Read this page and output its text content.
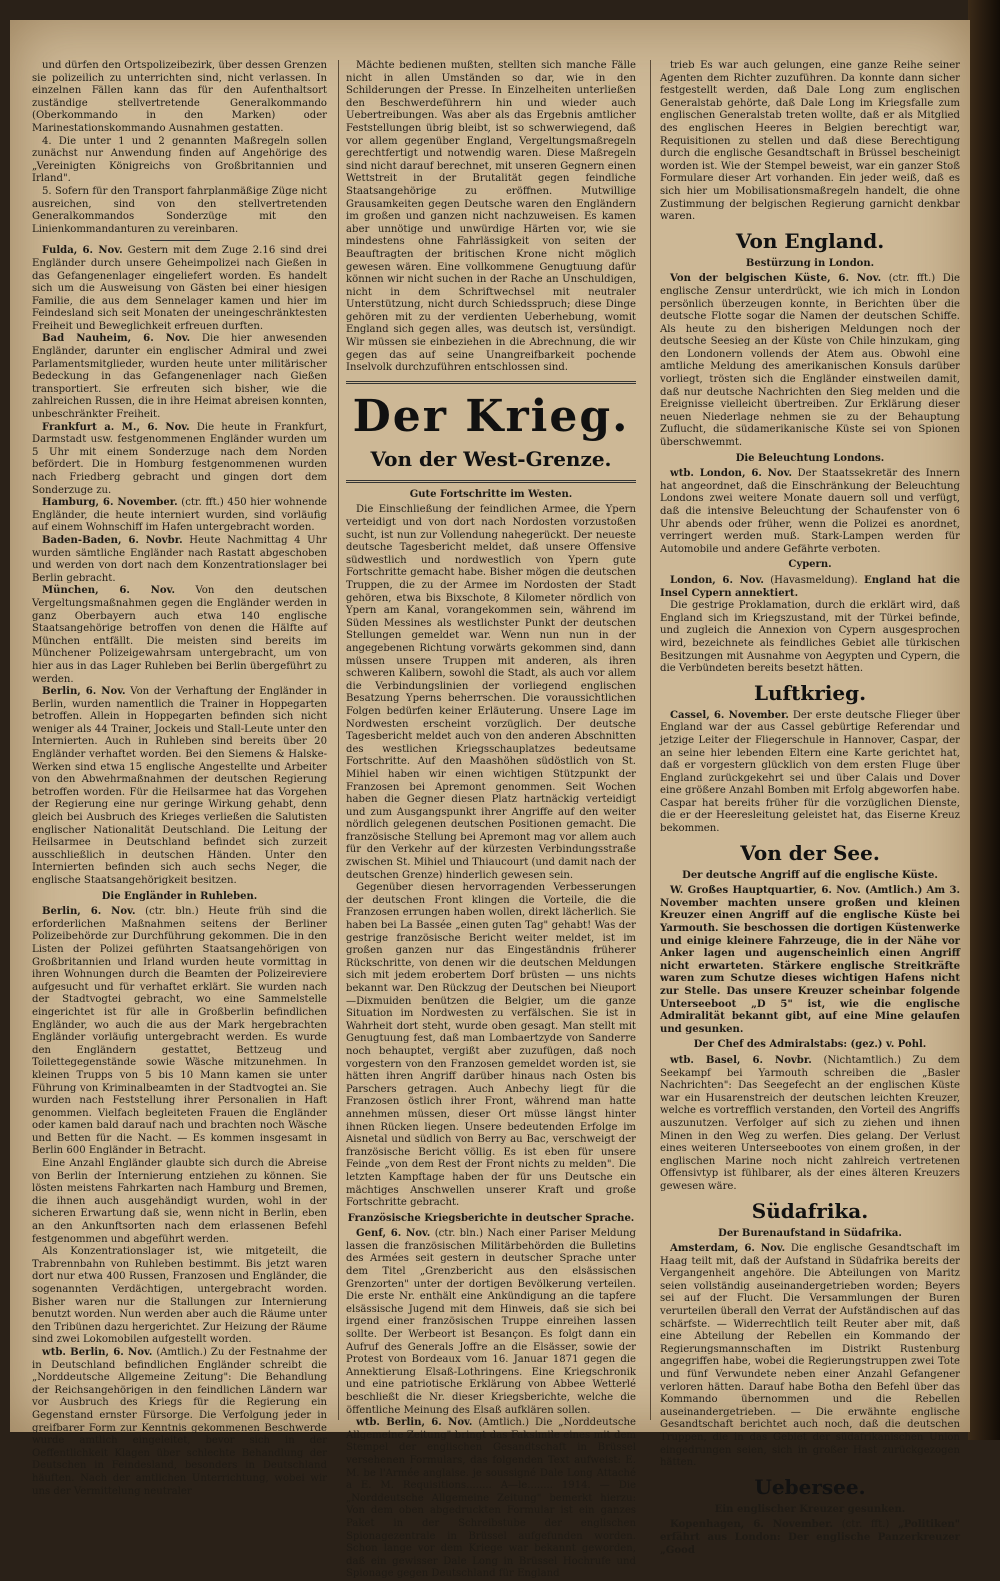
und dürfen den Ortspolizeibezirk, über dessen Grenzen sie polizeilich zu unterrichten sind, nicht verlassen. In einzelnen Fällen kann das für den Aufenthaltsort zuständige stellvertretende Generalkommando (Oberkommando in den Marken) oder Marinestationskommando Ausnahmen gestatten.

4. Die unter 1 und 2 genannten Maßregeln sollen zunächst nur Anwendung finden auf Angehörige des „Vereinigten Königreichs von Großbritannien und Irland".

5. Sofern für den Transport fahrplanmäßige Züge nicht ausreichen, sind von den stellvertretenden Generalkommandos Sonderzüge mit den Linienkommandanturen zu vereinbaren.

Fulda, 6. Nov. Gestern mit dem Zuge 2.16 sind drei Engländer durch unsere Geheimpolizei nach Gießen in das Gefangenenlager eingeliefert worden. Es handelt sich um die Ausweisung von Gästen bei einer hiesigen Familie, die aus dem Sennelager kamen und hier im Feindesland sich seit Monaten der uneingeschränktesten Freiheit und Beweglichkeit erfreuen durften.

Bad Nauheim, 6. Nov. Die hier anwesenden Engländer, darunter ein englischer Admiral und zwei Parlamentsmitglieder, wurden heute unter militärischer Bedeckung in das Gefangenenlager nach Gießen transportiert. Sie erfreuten sich bisher, wie die zahlreichen Russen, die in ihre Heimat abreisen konnten, unbeschränkter Freiheit.

Frankfurt a. M., 6. Nov. Die heute in Frankfurt, Darmstadt usw. festgenommenen Engländer wurden um 5 Uhr mit einem Sonderzuge nach dem Norden befördert. Die in Homburg festgenommenen wurden nach Friedberg gebracht und gingen dort dem Sonderzuge zu.

Hamburg, 6. November. (ctr. fft.) 450 hier wohnende Engländer, die heute interniert wurden, sind vorläufig auf einem Wohnschiff im Hafen untergebracht worden.

Baden-Baden, 6. Novbr. Heute Nachmittag 4 Uhr wurden sämtliche Engländer nach Rastatt abgeschoben und werden von dort nach dem Konzentrationslager bei Berlin gebracht.

München, 6. Nov. Von den deutschen Vergeltungsmaßnahmen gegen die Engländer werden in ganz Oberbayern auch etwa 140 englische Staatsangehörige betroffen von denen die Hälfte auf München entfällt. Die meisten sind bereits im Münchener Polizeigewahrsam untergebracht, um von hier aus in das Lager Ruhleben bei Berlin übergeführt zu werden.

Berlin, 6. Nov. Von der Verhaftung der Engländer in Berlin, wurden namentlich die Trainer in Hoppegarten betroffen. Allein in Hoppegarten befinden sich nicht weniger als 44 Trainer, Jockeis und Stall-Leute unter den Internierten. Auch in Ruhleben sind bereits über 20 Engländer verhaftet worden. Bei den Siemens & Halske-Werken sind etwa 15 englische Angestellte und Arbeiter von den Abwehrmaßnahmen der deutschen Regierung betroffen worden. Für die Heilsarmee hat das Vorgehen der Regierung eine nur geringe Wirkung gehabt, denn gleich bei Ausbruch des Krieges verließen die Salutisten englischer Nationalität Deutschland. Die Leitung der Heilsarmee in Deutschland befindet sich zurzeit ausschließlich in deutschen Händen. Unter den Internierten befinden sich auch sechs Neger, die englische Staatsangehörigkeit besitzen.

Die Engländer in Ruhleben.

Berlin, 6. Nov. (ctr. bln.) Heute früh sind die erforderlichen Maßnahmen seitens der Berliner Polizeibehörde zur Durchführung gekommen. Die in den Listen der Polizei geführten Staatsangehörigen von Großbritannien und Irland wurden heute vormittag in ihren Wohnungen durch die Beamten der Polizeireviere aufgesucht und für verhaftet erklärt. Sie wurden nach der Stadtvogtei gebracht, wo eine Sammelstelle eingerichtet ist für alle in Großberlin befindlichen Engländer, wo auch die aus der Mark hergebrachten Engländer vorläufig untergebracht werden. Es wurde den Engländern gestattet, Bettzeug und Toilettegegenstände sowie Wäsche mitzunehmen. In kleinen Trupps von 5 bis 10 Mann kamen sie unter Führung von Kriminalbeamten in der Stadtvogtei an. Sie wurden nach Feststellung ihrer Personalien in Haft genommen. Vielfach begleiteten Frauen die Engländer oder kamen bald darauf nach und brachten noch Wäsche und Betten für die Nacht. — Es kommen insgesamt in Berlin 600 Engländer in Betracht.

Eine Anzahl Engländer glaubte sich durch die Abreise von Berlin der Internierung entziehen zu können. Sie lösten meistens Fahrkarten nach Hamburg und Bremen, die ihnen auch ausgehändigt wurden, wohl in der sicheren Erwartung daß sie, wenn nicht in Berlin, eben an den Ankunftsorten nach dem erlassenen Befehl festgenommen und abgeführt werden.

Als Konzentrationslager ist, wie mitgeteilt, die Trabrennbahn von Ruhleben bestimmt. Bis jetzt waren dort nur etwa 400 Russen, Franzosen und Engländer, die sogenannten Verdächtigen, untergebracht worden. Bisher waren nur die Stallungen zur Internierung benutzt worden. Nun werden aber auch die Räume unter den Tribünen dazu hergerichtet. Zur Heizung der Räume sind zwei Lokomobilen aufgestellt worden.

wtb. Berlin, 6. Nov. (Amtlich.) Zu der Festnahme der in Deutschland befindlichen Engländer schreibt die „Norddeutsche Allgemeine Zeitung": Die Behandlung der Reichsangehörigen in den feindlichen Ländern war vor Ausbruch des Kriegs für die Regierung ein Gegenstand ernster Fürsorge. Die Verfolgung jeder in greifbarer Form zur Kenntnis gekommenen Beschwerde wurde amtlich eingeleitet, bevor sich in der Oeffentlichkeit Klagen über schlechte Behandlung der Deutschen in Feindesland, besonders in Deutschland häuften. Nach der amtlichen Unterrichtung, wobei wir uns der Vermittelung neutraler

Mächte bedienen mußten, stellten sich manche Fälle nicht in allen Umständen so dar, wie in den Schilderungen der Presse. In Einzelheiten unterließen den Beschwerdeführern hin und wieder auch Uebertreibungen. Was aber als das Ergebnis amtlicher Feststellungen übrig bleibt, ist so schwerwiegend, daß vor allem gegenüber England, Vergeltungsmaßregeln gerechtfertigt und notwendig waren. Diese Maßregeln sind nicht darauf berechnet, mit unseren Gegnern einen Wettstreit in der Brutalität gegen feindliche Staatsangehörige zu eröffnen. Mutwillige Grausamkeiten gegen Deutsche waren den Engländern im großen und ganzen nicht nachzuweisen. Es kamen aber unnötige und unwürdige Härten vor, wie sie mindestens ohne Fahrlässigkeit von seiten der Beauftragten der britischen Krone nicht möglich gewesen wären. Eine vollkommene Genugtuung dafür können wir nicht suchen in der Rache an Unschuldigen, nicht in dem Schriftwechsel mit neutraler Unterstützung, nicht durch Schiedsspruch; diese Dinge gehören mit zu der verdienten Ueberhebung, womit England sich gegen alles, was deutsch ist, versündigt. Wir müssen sie einbeziehen in die Abrechnung, die wir gegen das auf seine Unangreifbarkeit pochende Inselvolk durchzuführen entschlossen sind.

Der Krieg.
Von der West-Grenze.
Gute Fortschritte im Westen.

Die Einschließung der feindlichen Armee, die Ypern verteidigt und von dort nach Nordosten vorzustoßen sucht, ist nun zur Vollendung nahegerückt. Der neueste deutsche Tagesbericht meldet, daß unsere Offensive südwestlich und nordwestlich von Ypern gute Fortschritte gemacht habe. Bisher mögen die deutschen Truppen, die zu der Armee im Nordosten der Stadt gehören, etwa bis Bixschote, 8 Kilometer nördlich von Ypern am Kanal, vorangekommen sein, während im Süden Messines als westlichster Punkt der deutschen Stellungen gemeldet war. Wenn nun nun in der angegebenen Richtung vorwärts gekommen sind, dann müssen unsere Truppen mit anderen, als ihren schweren Kalibern, sowohl die Stadt, als auch vor allem die Verbindungslinien der vorliegend englischen Besatzung Yperns beherrschen. Die voraussichtlichen Folgen bedürfen keiner Erläuterung. Unsere Lage im Nordwesten erscheint vorzüglich. Der deutsche Tagesbericht meldet auch von den anderen Abschnitten des westlichen Kriegsschauplatzes bedeutsame Fortschritte. Auf den Maashöhen südöstlich von St. Mihiel haben wir einen wichtigen Stützpunkt der Franzosen bei Apremont genommen. Seit Wochen haben die Gegner diesen Platz hartnäckig verteidigt und zum Ausgangspunkt ihrer Angriffe auf den weiter nördlich gelegenen deutschen Positionen gemacht. Die französische Stellung bei Apremont mag vor allem auch für den Verkehr auf der kürzesten Verbindungsstraße zwischen St. Mihiel und Thiaucourt (und damit nach der deutschen Grenze) hinderlich gewesen sein.

Gegenüber diesen hervorragenden Verbesserungen der deutschen Front klingen die Vorteile, die die Franzosen errungen haben wollen, direkt lächerlich. Sie haben bei La Bassée „einen guten Tag" gehabt! Was der gestrige französische Bericht weiter meldet, ist im großen ganzen nur das Eingeständnis früherer Rückschritte, von denen wir die deutschen Meldungen sich mit jedem erobertem Dorf brüsten — uns nichts bekannt war. Den Rückzug der Deutschen bei Nieuport—Dixmuiden benützen die Belgier, um die ganze Situation im Nordwesten zu verfälschen. Sie ist in Wahrheit dort steht, wurde oben gesagt. Man stellt mit Genugtuung fest, daß man Lombaertzyde von Sanderre noch behauptet, vergißt aber zuzufügen, daß noch vorgestern von den Franzosen gemeldet worden ist, sie hätten ihren Angriff darüber hinaus nach Osten bis Parschers getragen. Auch Anbechy liegt für die Franzosen östlich ihrer Front, während man hatte annehmen müssen, dieser Ort müsse längst hinter ihnen Rücken liegen. Unsere bedeutenden Erfolge im Aisnetal und südlich von Berry au Bac, verschweigt der französische Bericht völlig. Es ist eben für unsere Feinde „von dem Rest der Front nichts zu melden". Die letzten Kampftage haben der für uns Deutsche ein mächtiges Anschwellen unserer Kraft und große Fortschritte gebracht.

Französische Kriegsberichte in deutscher Sprache.

Genf, 6. Nov. (ctr. bln.) Nach einer Pariser Meldung lassen die französischen Militärbehörden die Bulletins des Armées seit gestern in deutscher Sprache unter dem Titel „Grenzbericht aus den elsässischen Grenzorten" unter der dortigen Bevölkerung verteilen. Die erste Nr. enthält eine Ankündigung an die tapfere elsässische Jugend mit dem Hinweis, daß sie sich bei irgend einer französischen Truppe einreihen lassen sollte. Der Werbeort ist Besançon. Es folgt dann ein Aufruf des Generals Joffre an die Elsässer, sowie der Protest von Bordeaux vom 16. Januar 1871 gegen die Annektierung Elsaß-Lothringens. Eine Kriegschronik und eine patriotische Erklärung von Abbee Wetterlé beschließt die Nr. dieser Kriegsberichte, welche die öffentliche Meinung des Elsaß aufklären sollen.

wtb. Berlin, 6. Nov. (Amtlich.) Die „Norddeutsche Allgemeine Zeitung" bringt das Faksimile eines mit dem Stempel der englischen Gesandtschaft in Brüssel versehenen Formulars, das folgenden Text aufweist: E. M. be l'Armée anglaise. je soussigné Dale Long Attaché a E. M. Requisitions........ A—le........ 1914. — Die „Norddeutsche Allgemeine Zeitung" bemerkt hierzu: Von dem oben abgedruckten Formular ist ein ganzes Paket in der Schreibstube der englischen Spionagezentrale in Brüssel aufgefunden worden. Schon lange vor dem Kriege war bekannt geworden, daß ein gewisser Dale Long in Brüssel Hochrufe und Spionage gegen Deutschland für England

trieb Es war auch gelungen, eine ganze Reihe seiner Agenten dem Richter zuzuführen. Da konnte dann sicher festgestellt werden, daß Dale Long zum englischen Generalstab gehörte, daß Dale Long im Kriegsfalle zum englischen Generalstab treten wollte, daß er als Mitglied des englischen Heeres in Belgien berechtigt war, Requisitionen zu stellen und daß diese Berechtigung durch die englische Gesandtschaft in Brüssel bescheinigt worden ist. Wie der Stempel beweist, war ein ganzer Stoß Formulare dieser Art vorhanden. Ein jeder weiß, daß es sich hier um Mobilisationsmaßregeln handelt, die ohne Zustimmung der belgischen Regierung garnicht denkbar waren.

Von England.
Bestürzung in London.

Von der belgischen Küste, 6. Nov. (ctr. fft.) Die englische Zensur unterdrückt, wie ich mich in London persönlich überzeugen konnte, in Berichten über die deutsche Flotte sogar die Namen der deutschen Schiffe. Als heute zu den bisherigen Meldungen noch der deutsche Seesieg an der Küste von Chile hinzukam, ging den Londonern vollends der Atem aus. Obwohl eine amtliche Meldung des amerikanischen Konsuls darüber vorliegt, trösten sich die Engländer einstweilen damit, daß nur deutsche Nachrichten den Sieg melden und die Ereignisse vielleicht übertreiben. Zur Erklärung dieser neuen Niederlage nehmen sie zu der Behauptung Zuflucht, die südamerikanische Küste sei von Spionen überschwemmt.

Die Beleuchtung Londons.

wtb. London, 6. Nov. Der Staatssekretär des Innern hat angeordnet, daß die Einschränkung der Beleuchtung Londons zwei weitere Monate dauern soll und verfügt, daß die intensive Beleuchtung der Schaufenster von 6 Uhr abends oder früher, wenn die Polizei es anordnet, verringert werden muß. Stark-Lampen werden für Automobile und andere Gefährte verboten.

Cypern.

London, 6. Nov. (Havasmeldung). England hat die Insel Cypern annektiert.

Die gestrige Proklamation, durch die erklärt wird, daß England sich im Kriegszustand, mit der Türkei befinde, und zugleich die Annexion von Cypern ausgesprochen wird, bezeichnete als feindliches Gebiet alle türkischen Besitzungen mit Ausnahme von Aegypten und Cypern, die die Verbündeten bereits besetzt hätten.

Luftkrieg.

Cassel, 6. November. Der erste deutsche Flieger über England war der aus Cassel gebürtige Referendar und jetzige Leiter der Fliegerschule in Hannover, Caspar, der an seine hier lebenden Eltern eine Karte gerichtet hat, daß er vorgestern glücklich von dem ersten Fluge über England zurückgekehrt sei und über Calais und Dover eine größere Anzahl Bomben mit Erfolg abgeworfen habe. Caspar hat bereits früher für die vorzüglichen Dienste, die er der Heeresleitung geleistet hat, das Eiserne Kreuz bekommen.

Von der See.
Der deutsche Angriff auf die englische Küste.

W. Großes Hauptquartier, 6. Nov. (Amtlich.) Am 3. November machten unsere großen und kleinen Kreuzer einen Angriff auf die englische Küste bei Yarmouth. Sie beschossen die dortigen Küstenwerke und einige kleinere Fahrzeuge, die in der Nähe vor Anker lagen und augenscheinlich einen Angriff nicht erwarteten. Stärkere englische Streitkräfte waren zum Schutze dieses wichtigen Hafens nicht zur Stelle. Das unsere Kreuzer scheinbar folgende Unterseeboot „D 5" ist, wie die englische Admiralität bekannt gibt, auf eine Mine gelaufen und gesunken.

Der Chef des Admiralstabs: (gez.) v. Pohl.

wtb. Basel, 6. Novbr. (Nichtamtlich.) Zu dem Seekampf bei Yarmouth schreiben die „Basler Nachrichten": Das Seegefecht an der englischen Küste war ein Husarenstreich der deutschen leichten Kreuzer, welche es vortrefflich verstanden, den Vorteil des Angriffs auszunutzen. Verfolger auf sich zu ziehen und ihnen Minen in den Weg zu werfen. Dies gelang. Der Verlust eines weiteren Unterseebootes von einem großen, in der englischen Marine noch nicht zahlreich vertretenen Offensivtyp ist fühlbarer, als der eines älteren Kreuzers gewesen wäre.

Südafrika.
Der Burenaufstand in Südafrika.

Amsterdam, 6. Nov. Die englische Gesandtschaft im Haag teilt mit, daß der Aufstand in Südafrika bereits der Vergangenheit angehöre. Die Abteilungen von Maritz seien vollständig auseinandergetrieben worden; Beyers sei auf der Flucht. Die Versammlungen der Buren verurteilen überall den Verrat der Aufständischen auf das schärfste. — Widerrechtlich teilt Reuter aber mit, daß eine Abteilung der Rebellen ein Kommando der Regierungsmannschaften im Distrikt Rustenburg angegriffen habe, wobei die Regierungstruppen zwei Tote und fünf Verwundete neben einer Anzahl Gefangener verloren hätten. Darauf habe Botha den Befehl über das Kommando übernommen und die Rebellen auseinandergetrieben. — Die erwähnte englische Gesandtschaft berichtet auch noch, daß die deutschen Truppen, die in das Gebiet der südafrikanischen Union eingedrungen seien, sich in großer Hast zurückgezogen hätten.

Uebersee.
Ein englischer Kreuzer gesunken.

Kopenhagen, 6. November. (ctr. fft.) „Politiken" erfährt aus London: Der englische Panzerkreuzer „Good
